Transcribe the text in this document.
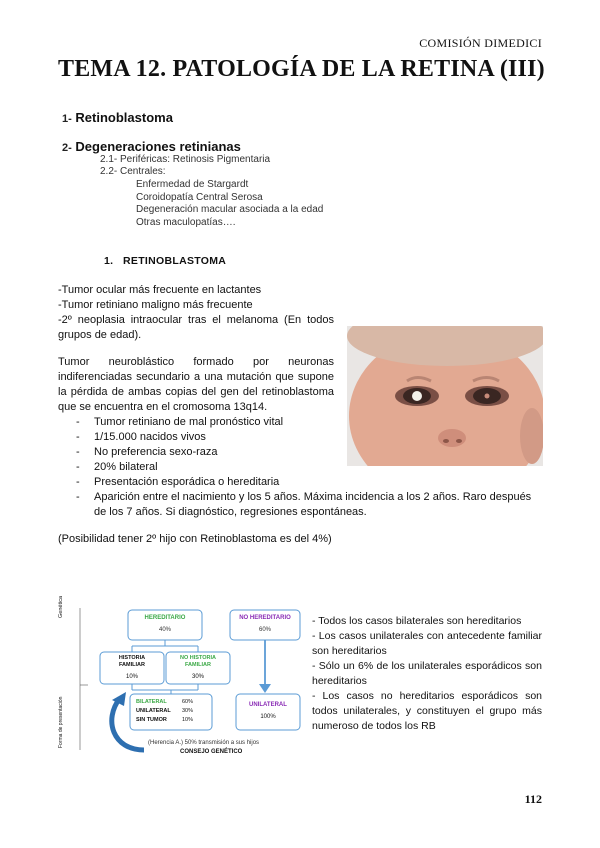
COMISIÓN DIMEDICI
TEMA 12. PATOLOGÍA DE LA RETINA (III)
1- Retinoblastoma
2- Degeneraciones retinianas
2.1- Periféricas: Retinosis Pigmentaria
2.2- Centrales:
Enfermedad de Stargardt
Coroidopatía Central Serosa
Degeneración macular asociada a la edad
Otras maculopatías….
1. RETINOBLASTOMA
-Tumor ocular más frecuente en lactantes
-Tumor retiniano maligno más frecuente
-2º neoplasia intraocular tras el melanoma (En todos grupos de edad).
Tumor neuroblástico formado por neuronas indiferenciadas secundario a una mutación que supone la pérdida de ambas copias del gen del retinoblastoma que se encuentra en el cromosoma 13q14.
- Tumor retiniano de mal pronóstico vital
- 1/15.000 nacidos vivos
- No preferencia sexo-raza
- 20% bilateral
- Presentación esporádica o hereditaria
- Aparición entre el nacimiento y los 5 años. Máxima incidencia a los 2 años. Raro después de los 7 años. Si diagnóstico, regresiones espontáneas.
(Posibilidad tener 2º hijo con Retinoblastoma es del 4%)
Genética
Forma de presentación
HEREDITARIO
40%
NO HEREDITARIO
60%
HISTORIA FAMILIAR
10%
NO HISTORIA FAMILIAR
30%
BILATERAL	60%
UNILATERAL 30%
SIN TUMOR	10%
UNILATERAL
100%
(Herencia A.) 50% transmisión a sus hijos
CONSEJO GENÉTICO
- Todos los casos bilaterales son hereditarios
- Los casos unilaterales con antecedente familiar son hereditarios
- Sólo un 6% de los unilaterales esporádicos son hereditarios
- Los casos no hereditarios esporádicos son todos unilaterales, y constituyen el grupo más numeroso de todos los RB
112
